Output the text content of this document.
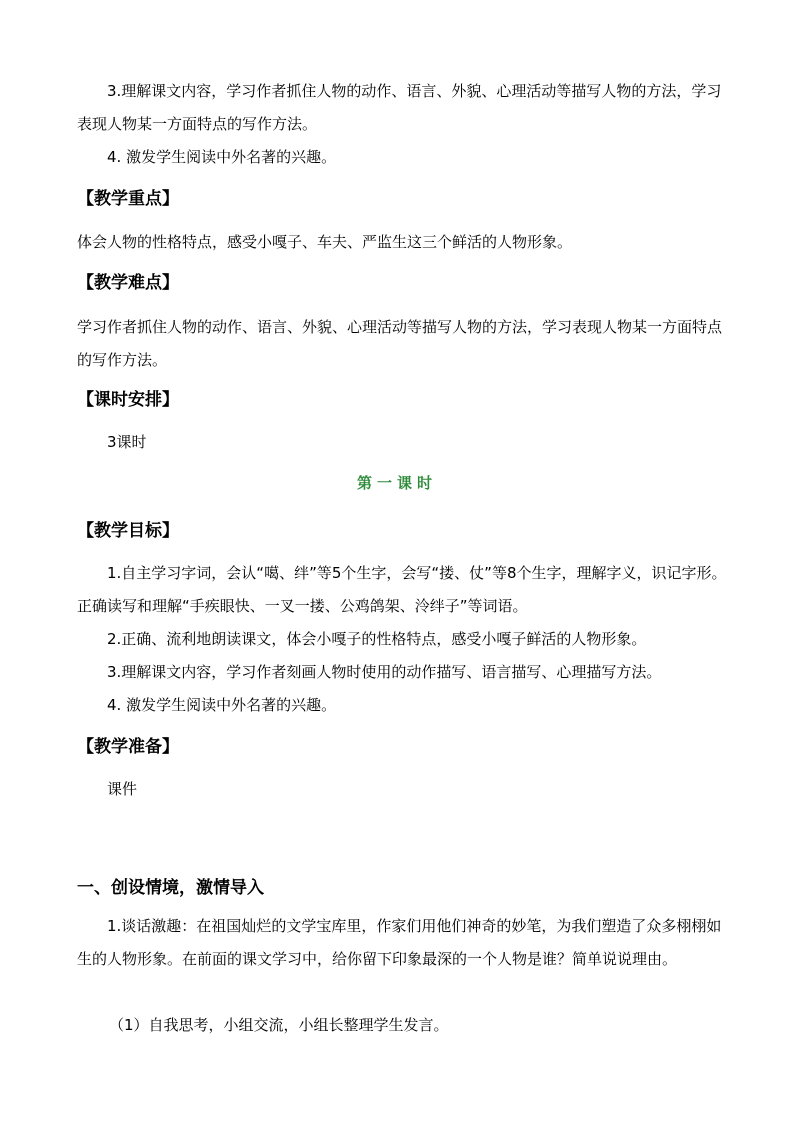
3.理解课文内容，学习作者抓住人物的动作、语言、外貌、心理活动等描写人物的方法，学习表现人物某一方面特点的写作方法。

4. 激发学生阅读中外名著的兴趣。

【教学重点】

体会人物的性格特点，感受小嘎子、车夫、严监生这三个鲜活的人物形象。

【教学难点】

学习作者抓住人物的动作、语言、外貌、心理活动等描写人物的方法，学习表现人物某一方面特点的写作方法。

【课时安排】

3课时

第一课时

【教学目标】

1.自主学习字词，会认“噶、绊”等5个生字，会写“搂、仗”等8个生字，理解字义，识记字形。正确读写和理解“手疾眼快、一叉一搂、公鸡鸽架、泠绊子”等词语。

2.正确、流利地朗读课文，体会小嘎子的性格特点，感受小嘎子鲜活的人物形象。

3.理解课文内容，学习作者刻画人物时使用的动作描写、语言描写、心理描写方法。

4. 激发学生阅读中外名著的兴趣。

【教学准备】

课件

一、创设情境，激情导入

1.谈话激趣：在祖国灿烂的文学宝库里，作家们用他们神奇的妙笔，为我们塑造了众多栩栩如生的人物形象。在前面的课文学习中，给你留下印象最深的一个人物是谁？简单说说理由。

（1）自我思考，小组交流，小组长整理学生发言。
